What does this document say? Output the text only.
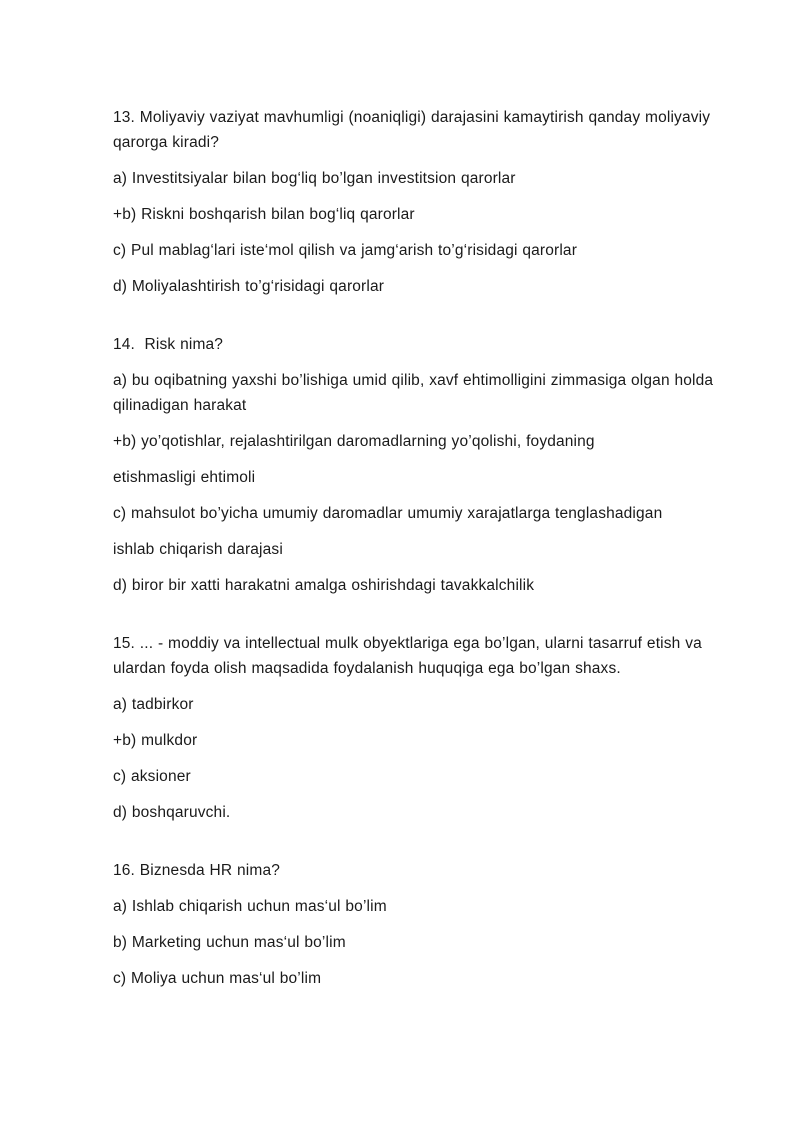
13. Moliyaviy vaziyat mavhumligi (noaniqligi) darajasini kamaytirish qanday moliyaviy qarorga kiradi?

a) Investitsiyalar bilan bog‘liq bo’lgan investitsion qarorlar

+b) Riskni boshqarish bilan bog‘liq qarorlar

c) Pul mablag‘lari iste‘mol qilish va jamg‘arish to’g‘risidagi qarorlar

d) Moliyalashtirish to’g‘risidagi qarorlar

14.  Risk nima?

a) bu oqibatning yaxshi bo’lishiga umid qilib, xavf ehtimolligini zimmasiga olgan holda qilinadigan harakat

+b) yo’qotishlar, rejalashtirilgan daromadlarning yo’qolishi, foydaning

etishmasligi ehtimoli

c) mahsulot bo’yicha umumiy daromadlar umumiy xarajatlarga tenglashadigan

ishlab chiqarish darajasi

d) biror bir xatti harakatni amalga oshirishdagi tavakkalchilik

15. ... - moddiy va intellectual mulk obyektlariga ega bo’lgan, ularni tasarruf etish va ulardan foyda olish maqsadida foydalanish huquqiga ega bo’lgan shaxs.

a) tadbirkor

+b) mulkdor

c) aksioner

d) boshqaruvchi.

16. Biznesda HR nima?

a) Ishlab chiqarish uchun mas‘ul bo’lim

b) Marketing uchun mas‘ul bo’lim

c) Moliya uchun mas‘ul bo’lim
